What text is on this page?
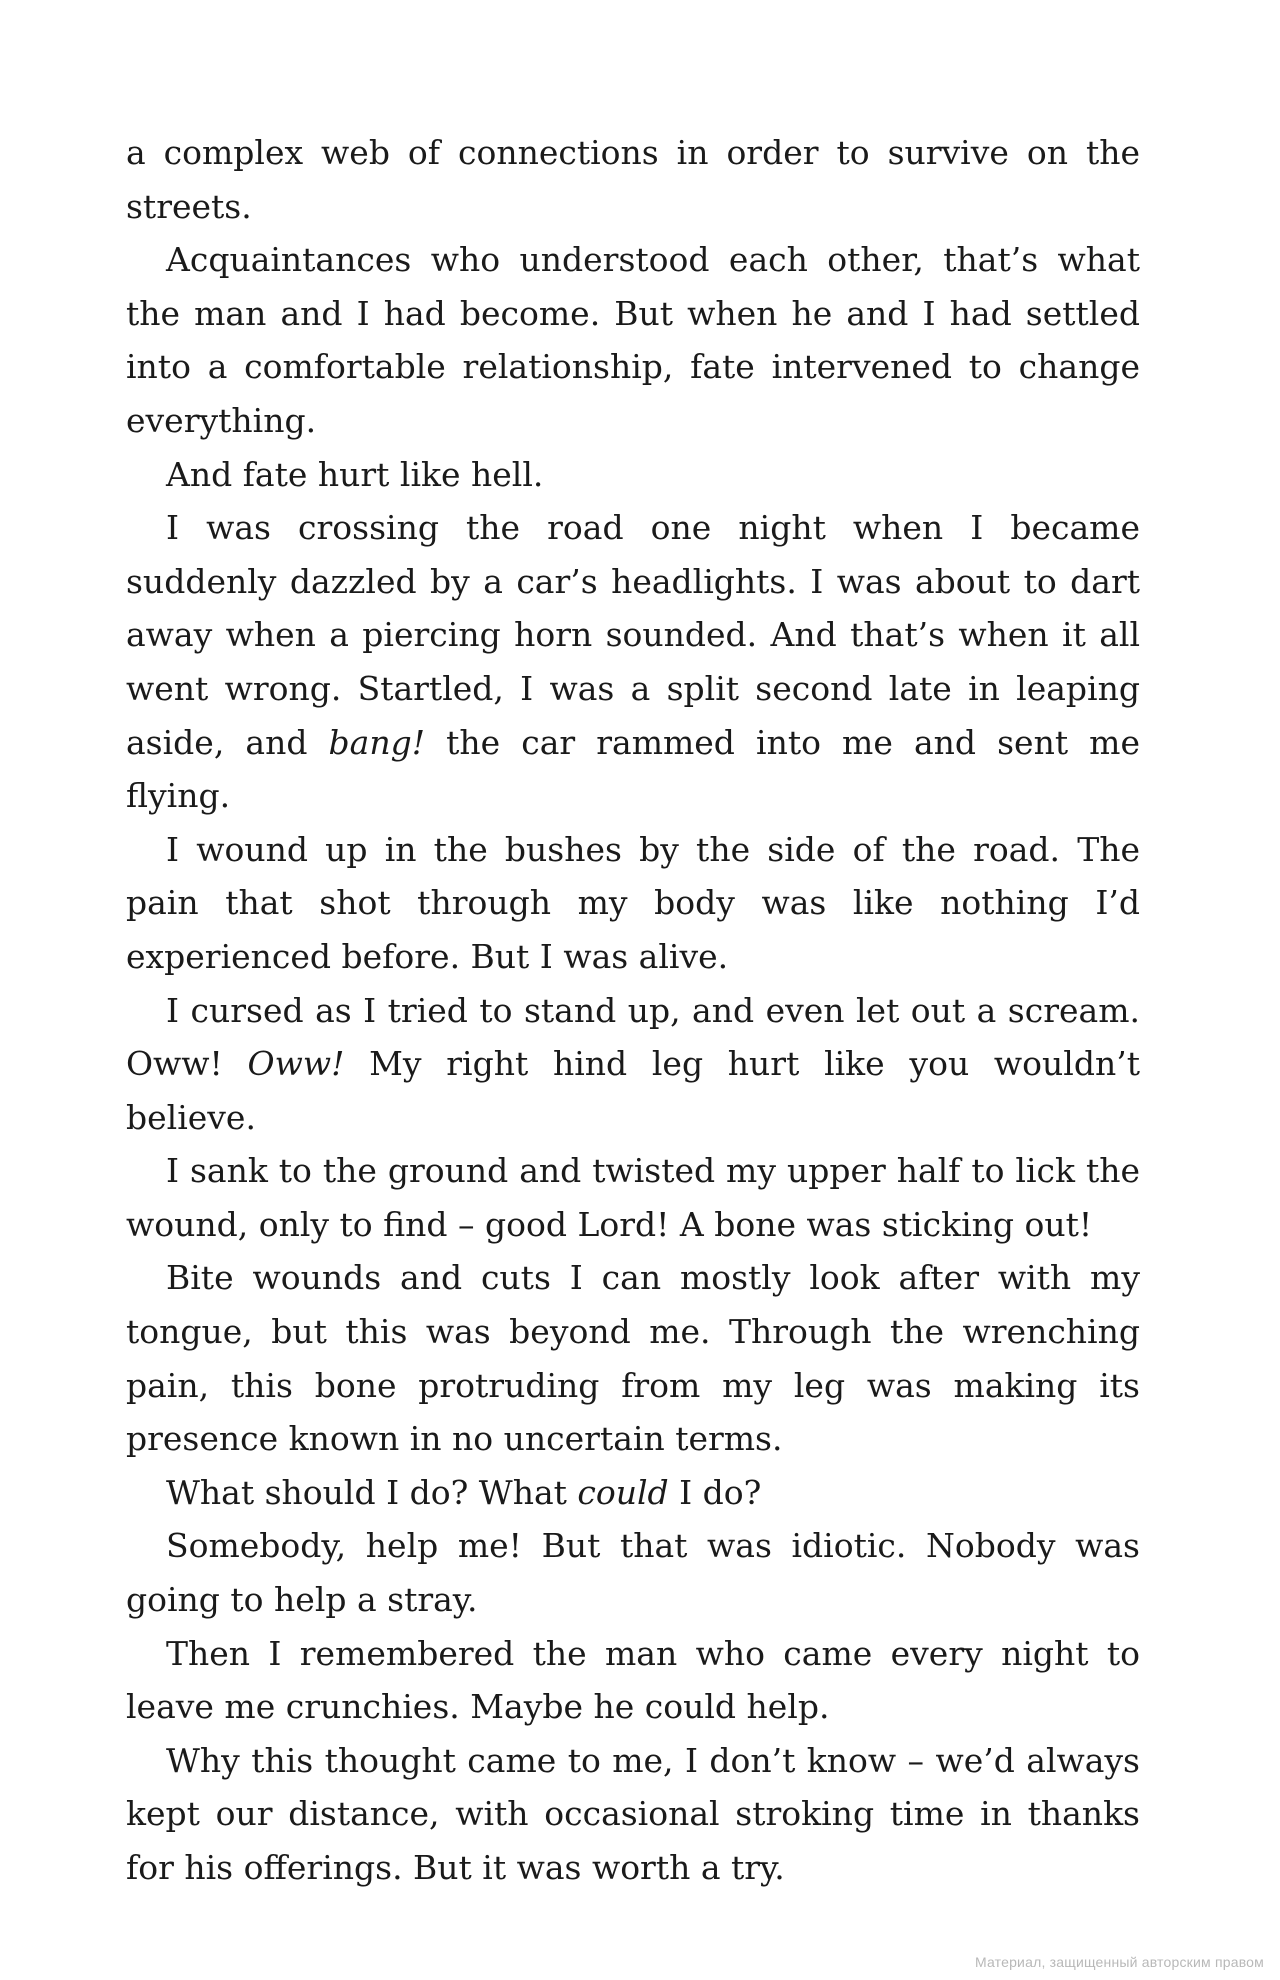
a complex web of connections in order to survive on the streets.

Acquaintances who understood each other, that’s what the man and I had become. But when he and I had settled into a comfortable relationship, fate intervened to change everything.

And fate hurt like hell.

I was crossing the road one night when I became suddenly dazzled by a car’s headlights. I was about to dart away when a piercing horn sounded. And that’s when it all went wrong. Startled, I was a split second late in leaping aside, and bang! the car rammed into me and sent me flying.

I wound up in the bushes by the side of the road. The pain that shot through my body was like nothing I’d experienced before. But I was alive.

I cursed as I tried to stand up, and even let out a scream. Oww! Oww! My right hind leg hurt like you wouldn’t believe.

I sank to the ground and twisted my upper half to lick the wound, only to find – good Lord! A bone was sticking out!

Bite wounds and cuts I can mostly look after with my tongue, but this was beyond me. Through the wrenching pain, this bone protruding from my leg was making its presence known in no uncertain terms.

What should I do? What could I do?

Somebody, help me! But that was idiotic. Nobody was going to help a stray.

Then I remembered the man who came every night to leave me crunchies. Maybe he could help.

Why this thought came to me, I don’t know – we’d always kept our distance, with occasional stroking time in thanks for his offerings. But it was worth a try.

Материал, защищенный авторским правом
